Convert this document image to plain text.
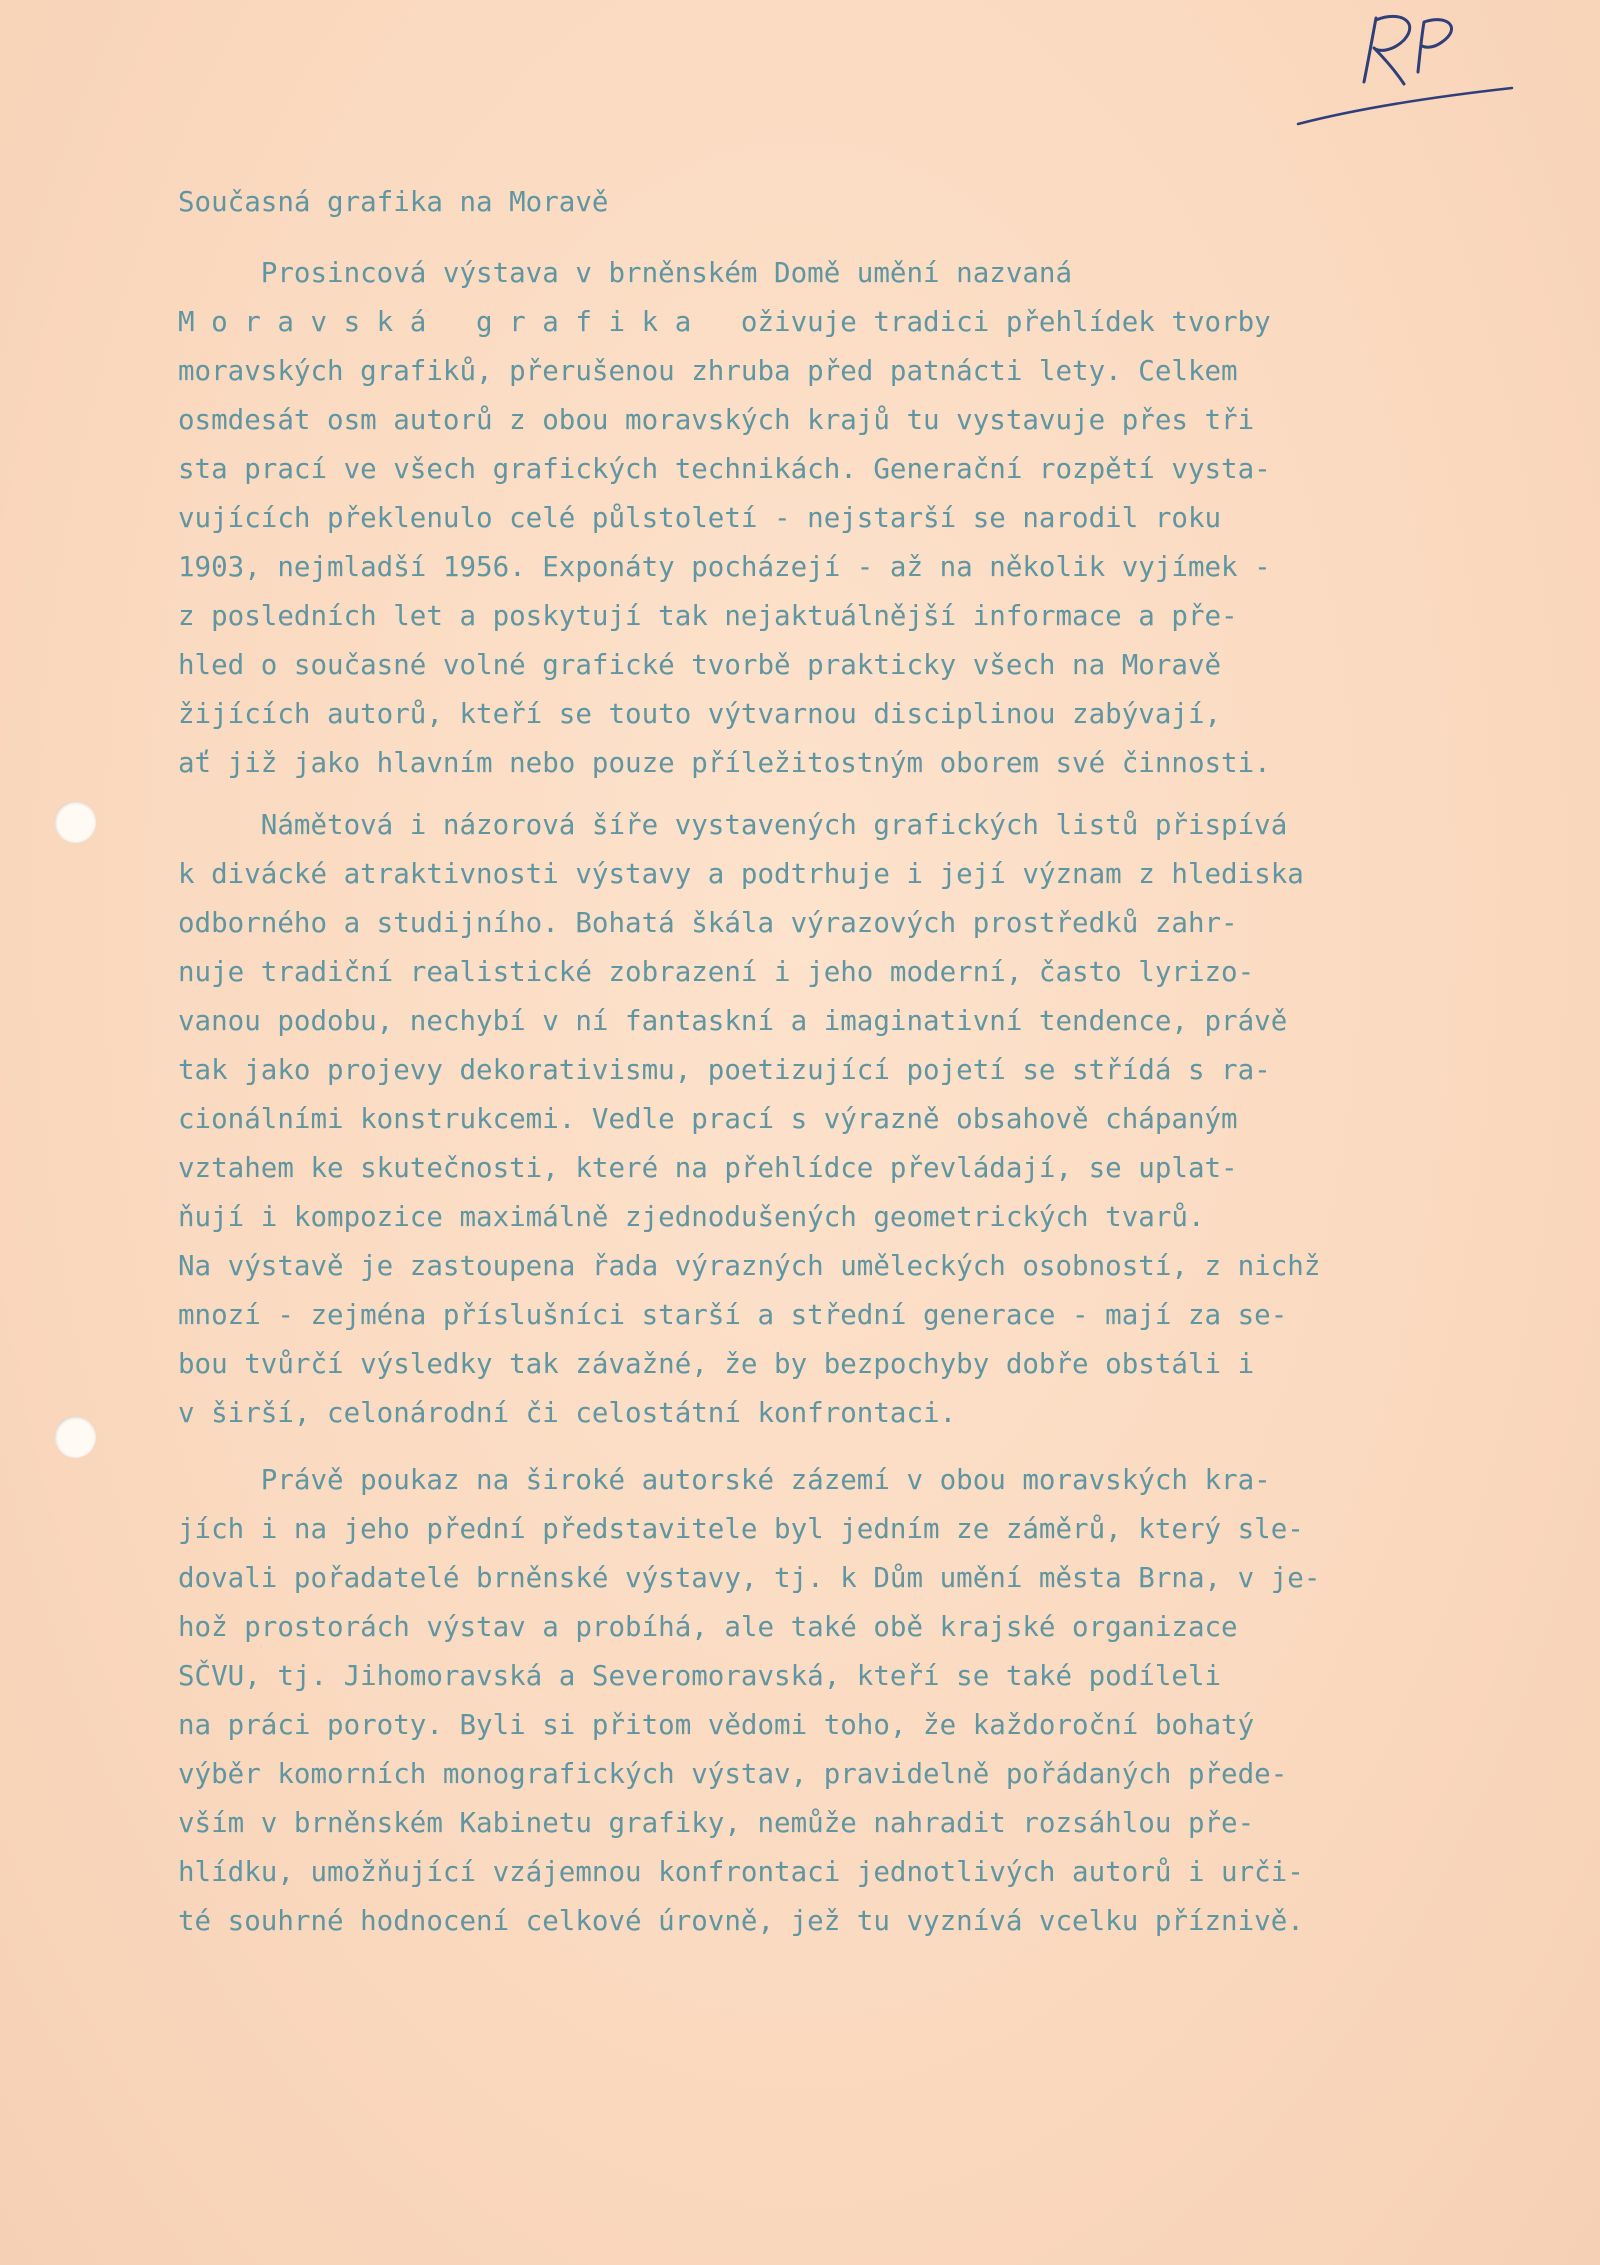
Současná grafika na Moravě
Prosincová výstava v brněnském Domě umění nazvaná
M o r a v s k á   g r a f i k a   oživuje tradici přehlídek tvorby
moravských grafiků, přerušenou zhruba před patnácti lety. Celkem
osmdesát osm autorů z obou moravských krajů tu vystavuje přes tři
sta prací ve všech grafických technikách. Generační rozpětí vysta-
vujících překlenulo celé půlstoletí - nejstarší se narodil roku
1903, nejmladší 1956. Exponáty pocházejí - až na několik vyjímek -
z posledních let a poskytují tak nejaktuálnější informace a pře-
hled o současné volné grafické tvorbě prakticky všech na Moravě
žijících autorů, kteří se touto výtvarnou disciplinou zabývají,
ať již jako hlavním nebo pouze příležitostným oborem své činnosti.
Námětová i názorová šíře vystavených grafických listů přispívá
k divácké atraktivnosti výstavy a podtrhuje i její význam z hlediska
odborného a studijního. Bohatá škála výrazových prostředků zahr-
nuje tradiční realistické zobrazení i jeho moderní, často lyrizo-
vanou podobu, nechybí v ní fantaskní a imaginativní tendence, právě
tak jako projevy dekorativismu, poetizující pojetí se střídá s ra-
cionálními konstrukcemi. Vedle prací s výrazně obsahově chápaným
vztahem ke skutečnosti, které na přehlídce převládají, se uplat-
ňují i kompozice maximálně zjednodušených geometrických tvarů.
Na výstavě je zastoupena řada výrazných uměleckých osobností, z nichž
mnozí - zejména příslušníci starší a střední generace - mají za se-
bou tvůrčí výsledky tak závažné, že by bezpochyby dobře obstáli i
v širší, celonárodní či celostátní konfrontaci.
Právě poukaz na široké autorské zázemí v obou moravských kra-
jích i na jeho přední představitele byl jedním ze záměrů, který sle-
dovali pořadatelé brněnské výstavy, tj. k Dům umění města Brna, v je-
hož prostorách výstav a probíhá, ale také obě krajské organizace
SČVU, tj. Jihomoravská a Severomoravská, kteří se také podíleli
na práci poroty. Byli si přitom vědomi toho, že každoroční bohatý
výběr komorních monografických výstav, pravidelně pořádaných přede-
vším v brněnském Kabinetu grafiky, nemůže nahradit rozsáhlou pře-
hlídku, umožňující vzájemnou konfrontaci jednotlivých autorů i urči-
té souhrné hodnocení celkové úrovně, jež tu vyznívá vcelku příznivě.
